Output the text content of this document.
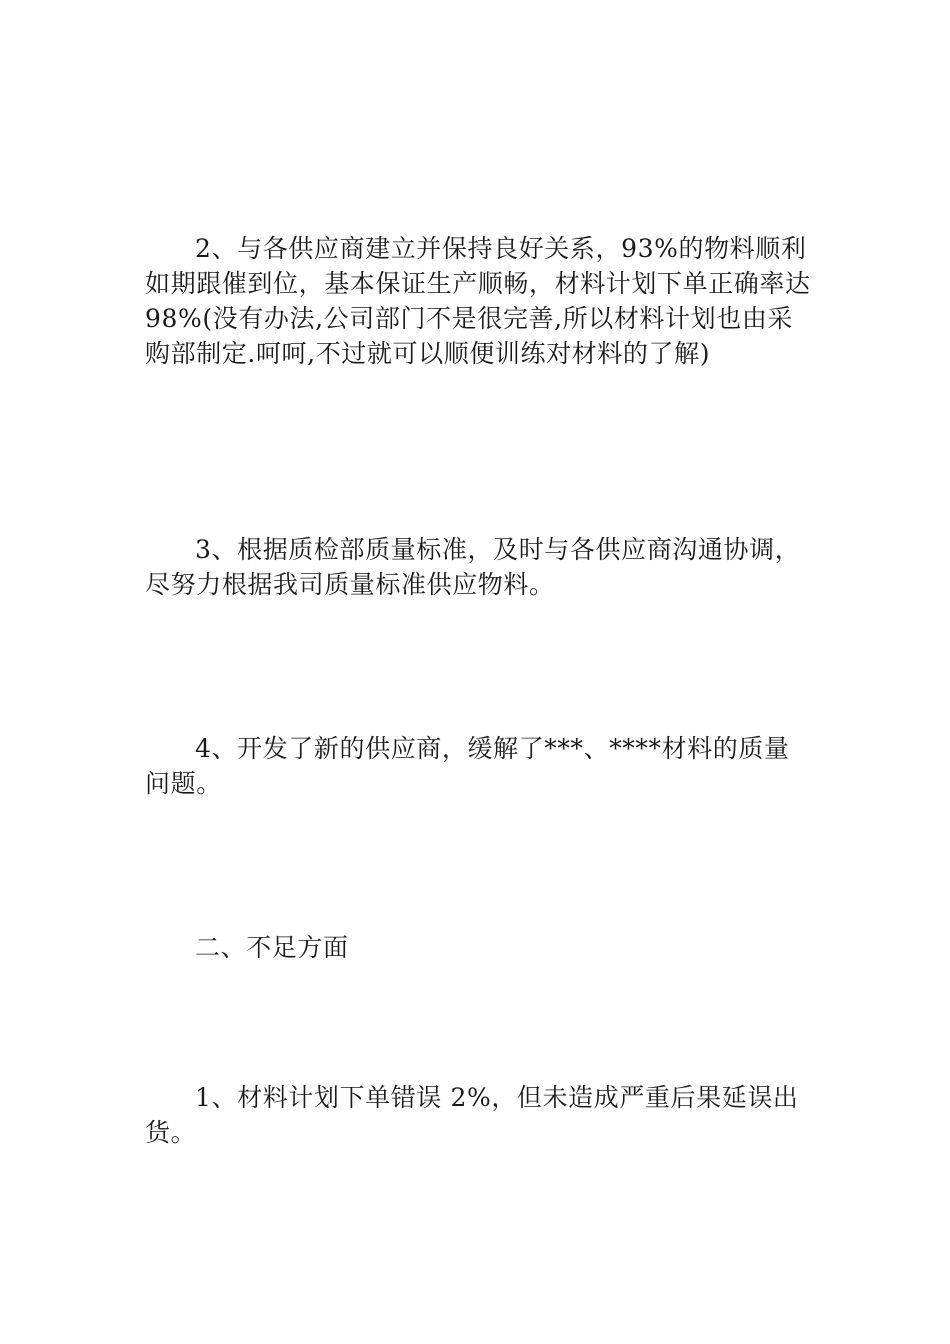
2、与各供应商建立并保持良好关系，93%的物料顺利如期跟催到位，基本保证生产顺畅，材料计划下单正确率达 98%(没有办法,公司部门不是很完善,所以材料计划也由采购部制定.呵呵,不过就可以顺便训练对材料的了解)

3、根据质检部质量标准，及时与各供应商沟通协调，尽努力根据我司质量标准供应物料。

4、开发了新的供应商，缓解了***、****材料的质量问题。

二、不足方面

1、材料计划下单错误 2%，但未造成严重后果延误出货。
